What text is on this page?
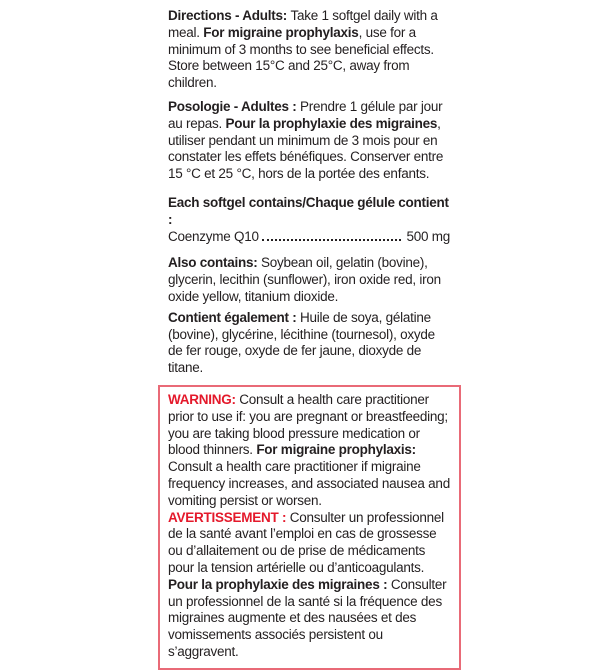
Directions - Adults: Take 1 softgel daily with a meal. For migraine prophylaxis, use for a minimum of 3 months to see beneficial effects. Store between 15°C and 25°C, away from children.

Posologie - Adultes : Prendre 1 gélule par jour au repas. Pour la prophylaxie des migraines, utiliser pendant un minimum de 3 mois pour en constater les effets bénéfiques. Conserver entre 15 °C et 25 °C, hors de la portée des enfants.

Each softgel contains/Chaque gélule contient :

Coenzyme Q10	500 mg

Also contains: Soybean oil, gelatin (bovine), glycerin, lecithin (sunflower), iron oxide red, iron oxide yellow, titanium dioxide.

Contient également : Huile de soya, gélatine (bovine), glycérine, lécithine (tournesol), oxyde de fer rouge, oxyde de fer jaune, dioxyde de titane.

WARNING: Consult a health care practitioner prior to use if: you are pregnant or breastfeeding; you are taking blood pressure medication or blood thinners. For migraine prophylaxis: Consult a health care practitioner if migraine frequency increases, and associated nausea and vomiting persist or worsen.

AVERTISSEMENT : Consulter un professionnel de la santé avant l’emploi en cas de grossesse ou d’allaitement ou de prise de médicaments pour la tension artérielle ou d’anticoagulants. Pour la prophylaxie des migraines : Consulter un professionnel de la santé si la fréquence des migraines augmente et des nausées et des vomissements associés persistent ou s’aggravent.
